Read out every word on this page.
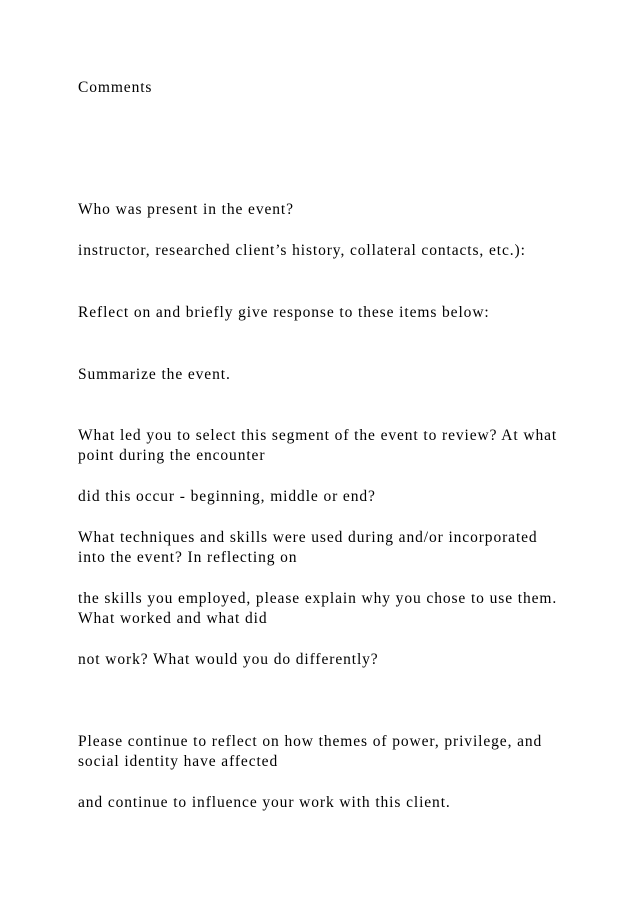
Comments

Who was present in the event?

instructor, researched client’s history, collateral contacts, etc.):

Reflect on and briefly give response to these items below:

Summarize the event.

What led you to select this segment of the event to review? At what point during the encounter

did this occur - beginning, middle or end?

What techniques and skills were used during and/or incorporated into the event? In reflecting on

the skills you employed, please explain why you chose to use them. What worked and what did

not work? What would you do differently?

Please continue to reflect on how themes of power, privilege, and social identity have affected

and continue to influence your work with this client.
